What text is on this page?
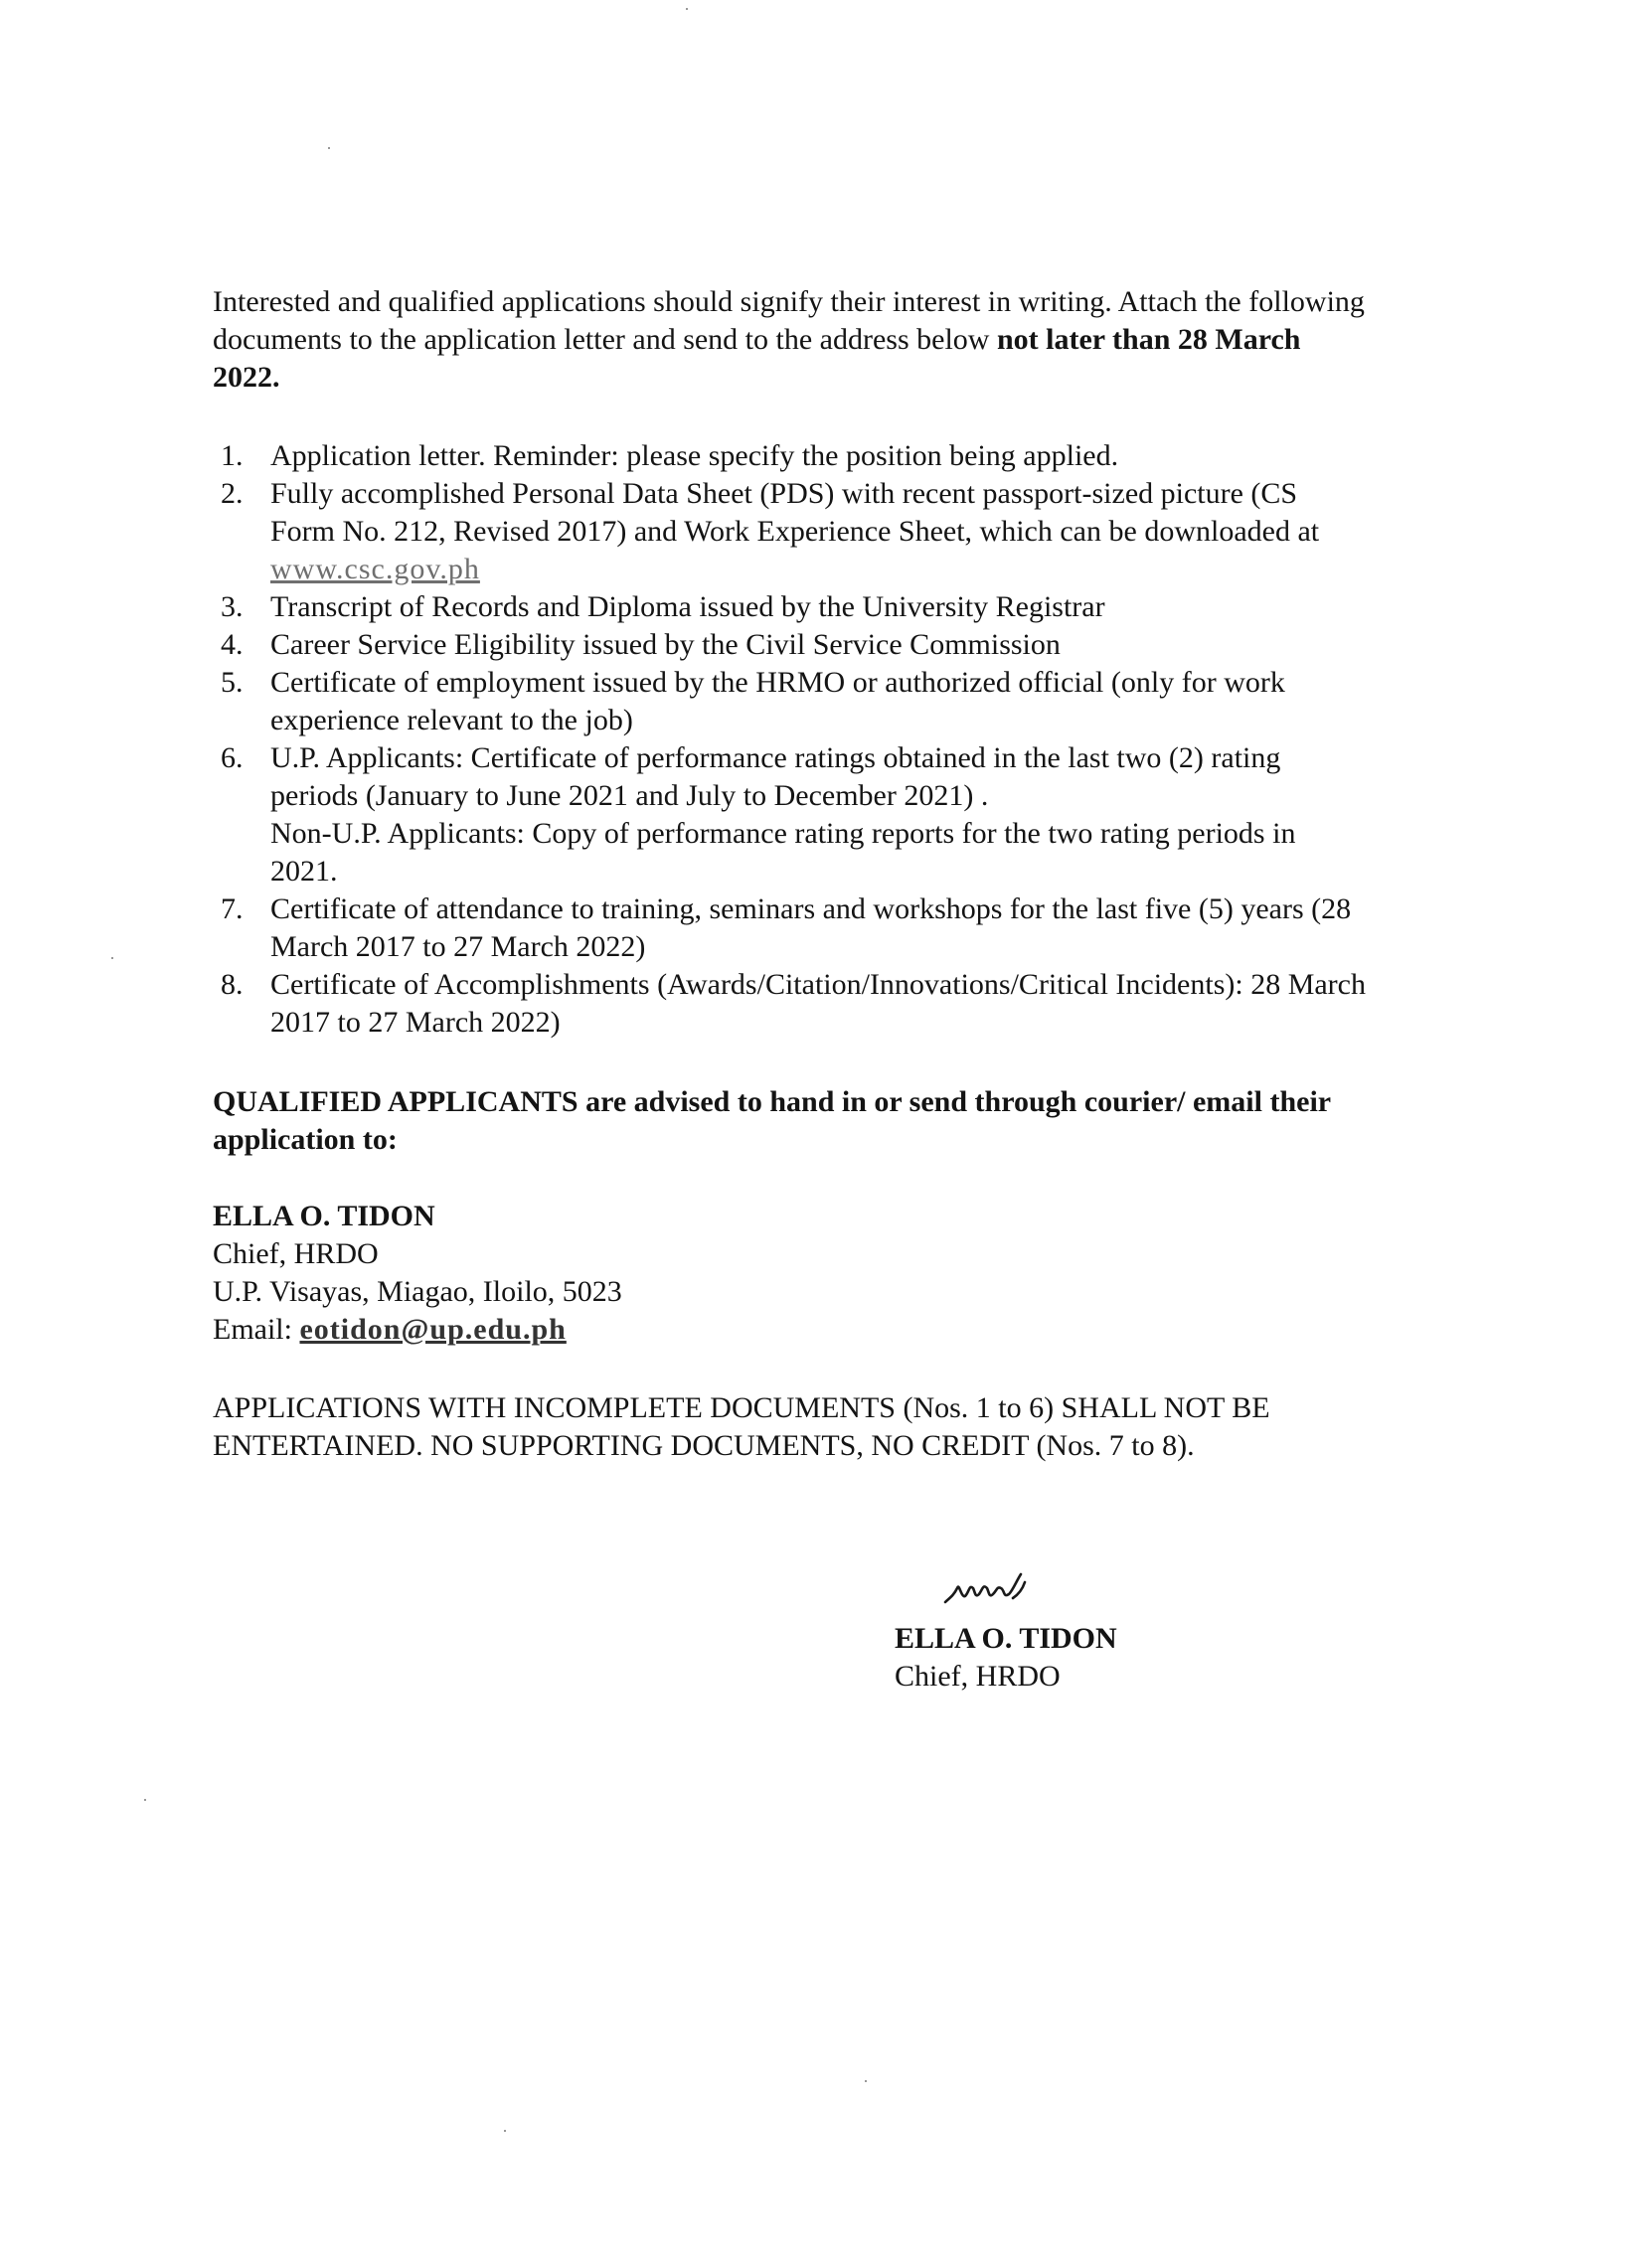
Interested and qualified applications should signify their interest in writing. Attach the following documents to the application letter and send to the address below not later than 28 March 2022.

1. Application letter. Reminder: please specify the position being applied.
2. Fully accomplished Personal Data Sheet (PDS) with recent passport-sized picture (CS Form No. 212, Revised 2017) and Work Experience Sheet, which can be downloaded at www.csc.gov.ph
3. Transcript of Records and Diploma issued by the University Registrar
4. Career Service Eligibility issued by the Civil Service Commission
5. Certificate of employment issued by the HRMO or authorized official (only for work experience relevant to the job)
6. U.P. Applicants: Certificate of performance ratings obtained in the last two (2) rating periods (January to June 2021 and July to December 2021) .
Non-U.P. Applicants: Copy of performance rating reports for the two rating periods in 2021.
7. Certificate of attendance to training, seminars and workshops for the last five (5) years (28 March 2017 to 27 March 2022)
8. Certificate of Accomplishments (Awards/Citation/Innovations/Critical Incidents): 28 March 2017 to 27 March 2022)

QUALIFIED APPLICANTS are advised to hand in or send through courier/ email their application to:

ELLA O. TIDON
Chief, HRDO
U.P. Visayas, Miagao, Iloilo, 5023
Email: eotidon@up.edu.ph

APPLICATIONS WITH INCOMPLETE DOCUMENTS (Nos. 1 to 6) SHALL NOT BE ENTERTAINED. NO SUPPORTING DOCUMENTS, NO CREDIT (Nos. 7 to 8).

ELLA O. TIDON
Chief, HRDO
